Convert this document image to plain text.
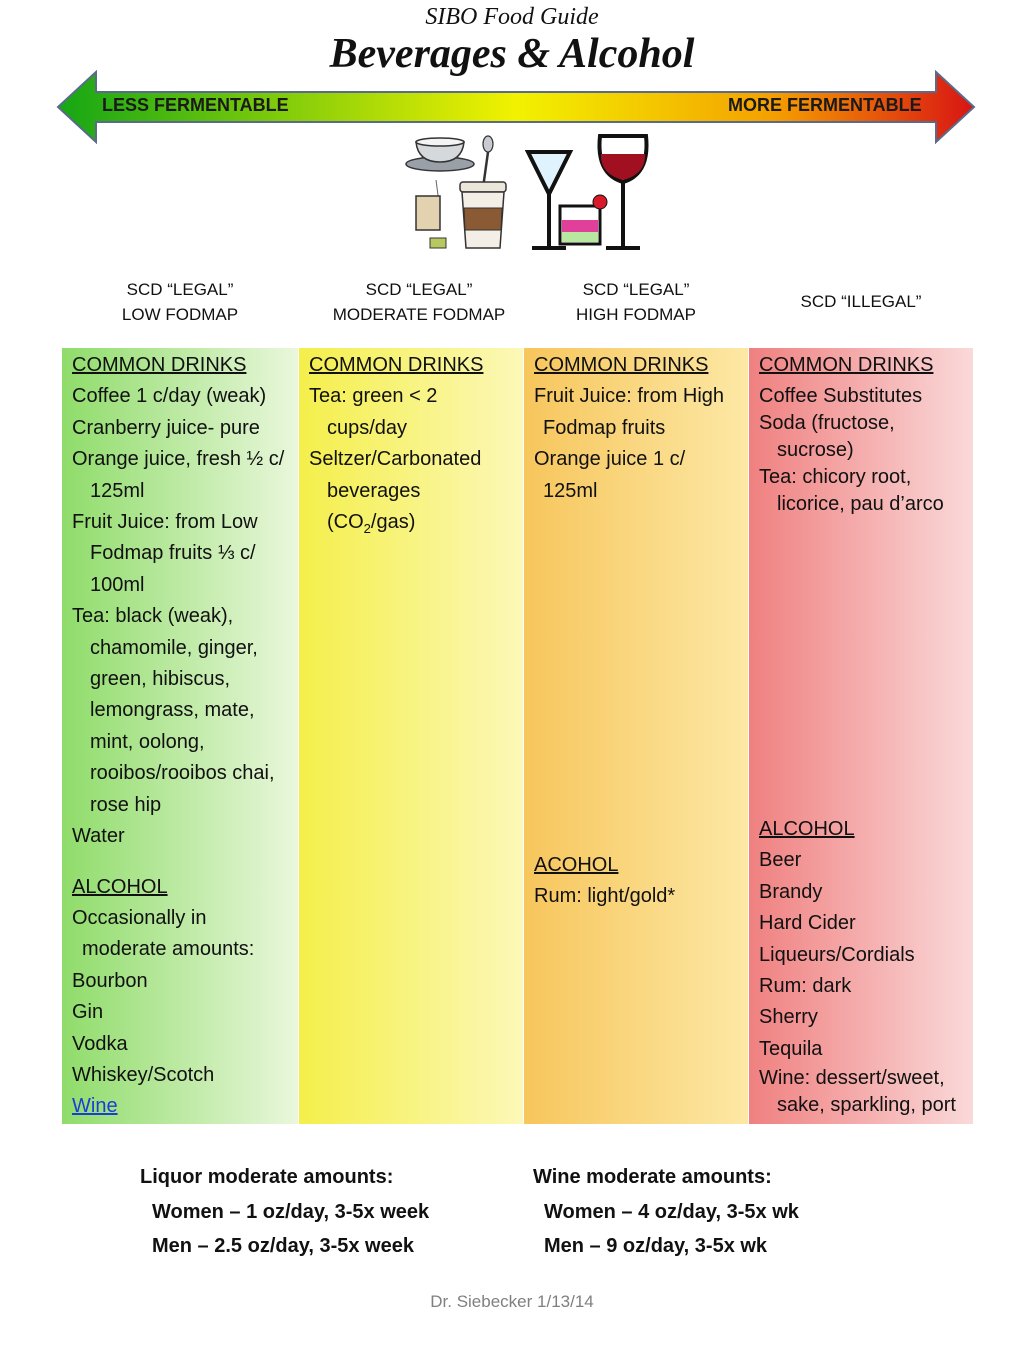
SIBO Food Guide
Beverages & Alcohol
LESS FERMENTABLE	MORE FERMENTABLE
SCD “LEGAL”
LOW FODMAP
SCD “LEGAL”
MODERATE FODMAP
SCD “LEGAL”
HIGH FODMAP
SCD “ILLEGAL”
COMMON DRINKS
Coffee 1 c/day (weak)
Cranberry juice- pure
Orange juice, fresh ½ c/ 125ml
Fruit Juice: from Low Fodmap fruits ⅓ c/ 100ml
Tea: black (weak), chamomile, ginger, green, hibiscus, lemongrass, mate, mint, oolong, rooibos/rooibos chai, rose hip
Water
ALCOHOL
Occasionally in moderate amounts:
Bourbon
Gin
Vodka
Whiskey/Scotch
Wine
COMMON DRINKS
Tea: green < 2 cups/day
Seltzer/Carbonated beverages $(CO_2/gas)$
COMMON DRINKS
Fruit Juice: from High Fodmap fruits
Orange juice 1 c/ 125ml
ACOHOL
Rum: light/gold*
COMMON DRINKS
Coffee Substitutes
Soda (fructose, sucrose)
Tea: chicory root, licorice, pau d’arco
ALCOHOL
Beer
Brandy
Hard Cider
Liqueurs/Cordials
Rum: dark
Sherry
Tequila
Wine: dessert/sweet, sake, sparkling, port
Liquor moderate amounts:
Women – 1 oz/day, 3-5x week
Men – 2.5 oz/day, 3-5x week
Wine moderate amounts:
Women – 4 oz/day, 3-5x wk
Men – 9 oz/day, 3-5x wk
Dr. Siebecker 1/13/14
